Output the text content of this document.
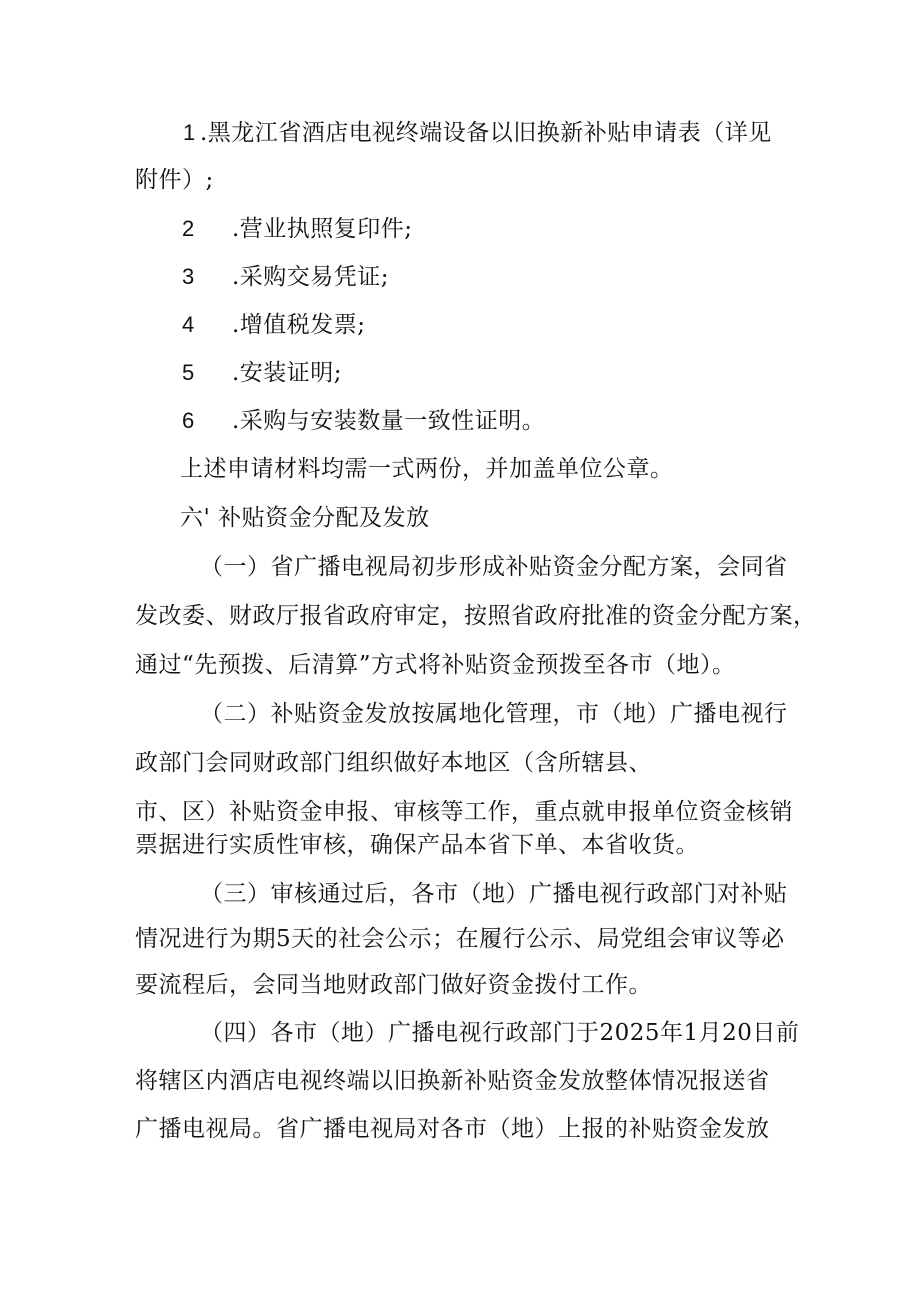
1 .黑龙江省酒店电视终端设备以旧换新补贴申请表（详见
附件）;
2 .营业执照复印件;
3 .采购交易凭证;
4 .增值税发票;
5 .安装证明;
6 .采购与安装数量一致性证明。
上述申请材料均需一式两份，并加盖单位公章。
六' 补贴资金分配及发放
（一）省广播电视局初步形成补贴资金分配方案，会同省
发改委、财政厅报省政府审定，按照省政府批准的资金分配方案，
通过“先预拨、后清算”方式将补贴资金预拨至各市（地）。
（二）补贴资金发放按属地化管理，市（地）广播电视行
政部门会同财政部门组织做好本地区（含所辖县、
市、区）补贴资金申报、审核等工作，重点就申报单位资金核销
票据进行实质性审核，确保产品本省下单、本省收货。
（三）审核通过后，各市（地）广播电视行政部门对补贴
情况进行为期5天的社会公示；在履行公示、局党组会审议等必
要流程后，会同当地财政部门做好资金拨付工作。
（四）各市（地）广播电视行政部门于2025年1月20日前
将辖区内酒店电视终端以旧换新补贴资金发放整体情况报送省
广播电视局。省广播电视局对各市（地）上报的补贴资金发放
